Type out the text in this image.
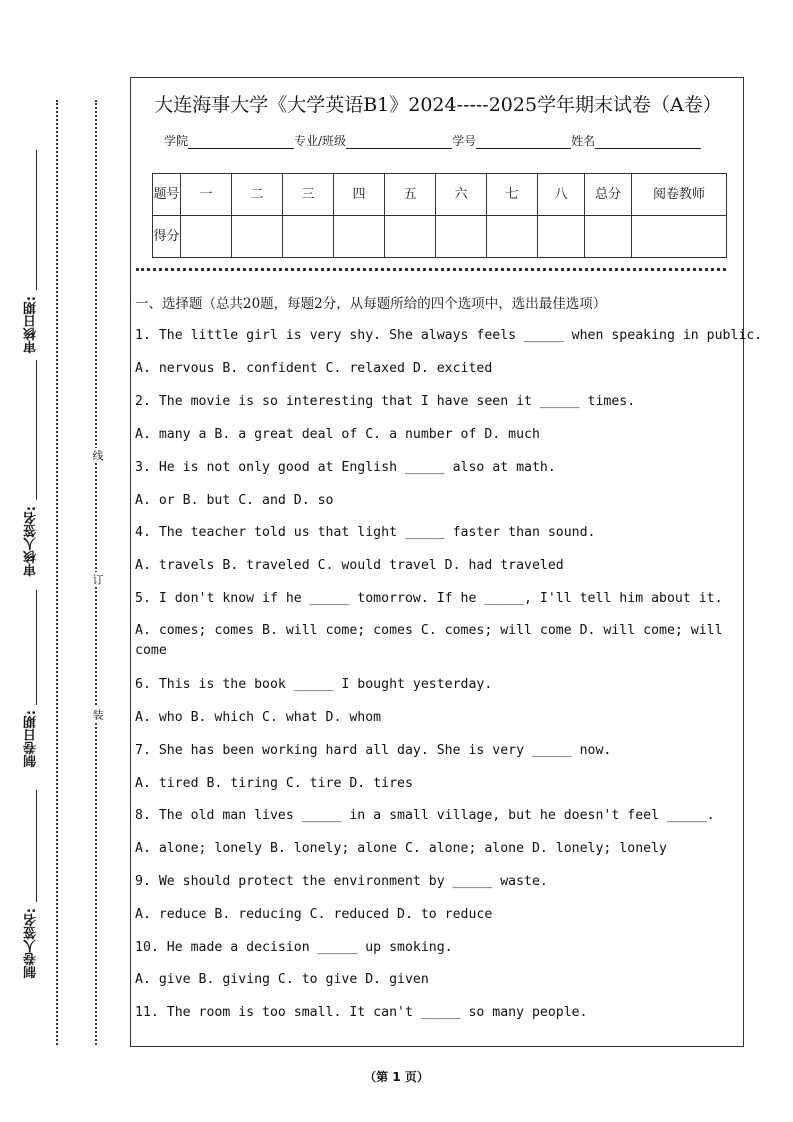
审核日期:
审核人签名:
制卷日期:
制卷人签名:
线
订
装
大连海事大学《大学英语B1》2024-----2025学年期末试卷（A卷）
学院	专业/班级	学号	姓名
题号	一	二	三	四	五	六	七	八	总分	阅卷教师
得分										
一、选择题（总共20题，每题2分，从每题所给的四个选项中，选出最佳选项）
1. The little girl is very shy. She always feels _____ when speaking in public.
A. nervous B. confident C. relaxed D. excited
2. The movie is so interesting that I have seen it _____ times.
A. many a B. a great deal of C. a number of D. much
3. He is not only good at English _____ also at math.
A. or B. but C. and D. so
4. The teacher told us that light _____ faster than sound.
A. travels B. traveled C. would travel D. had traveled
5. I don't know if he _____ tomorrow. If he _____, I'll tell him about it.
A. comes; comes B. will come; comes C. comes; will come D. will come; will come
6. This is the book _____ I bought yesterday.
A. who B. which C. what D. whom
7. She has been working hard all day. She is very _____ now.
A. tired B. tiring C. tire D. tires
8. The old man lives _____ in a small village, but he doesn't feel _____.
A. alone; lonely B. lonely; alone C. alone; alone D. lonely; lonely
9. We should protect the environment by _____ waste.
A. reduce B. reducing C. reduced D. to reduce
10. He made a decision _____ up smoking.
A. give B. giving C. to give D. given
11. The room is too small. It can't _____ so many people.
（第 1 页）
